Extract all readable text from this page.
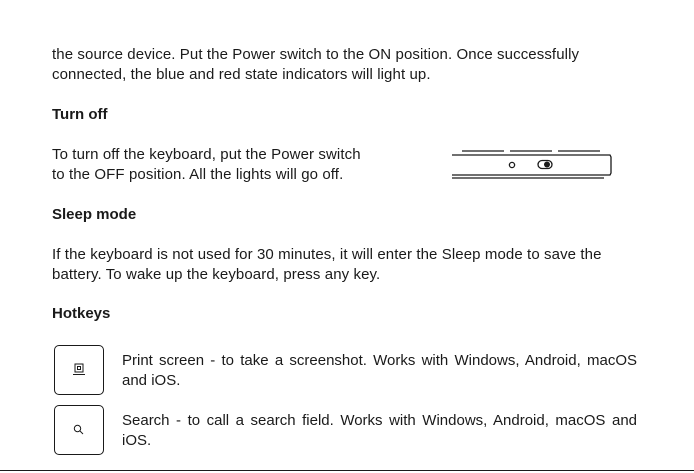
the source device. Put the Power switch to the ON position. Once successfully
connected, the blue and red state indicators will light up.
Turn off
To turn off the keyboard, put the Power switch
to the OFF position. All the lights will go off.
Sleep mode
If the keyboard is not used for 30 minutes, it will enter the Sleep mode to save the
battery. To wake up the keyboard, press any key.
Hotkeys
Print screen - to take a screenshot. Works with Windows, Android, macOS and iOS.
Search - to call a search field. Works with Windows, Android, macOS and iOS.
